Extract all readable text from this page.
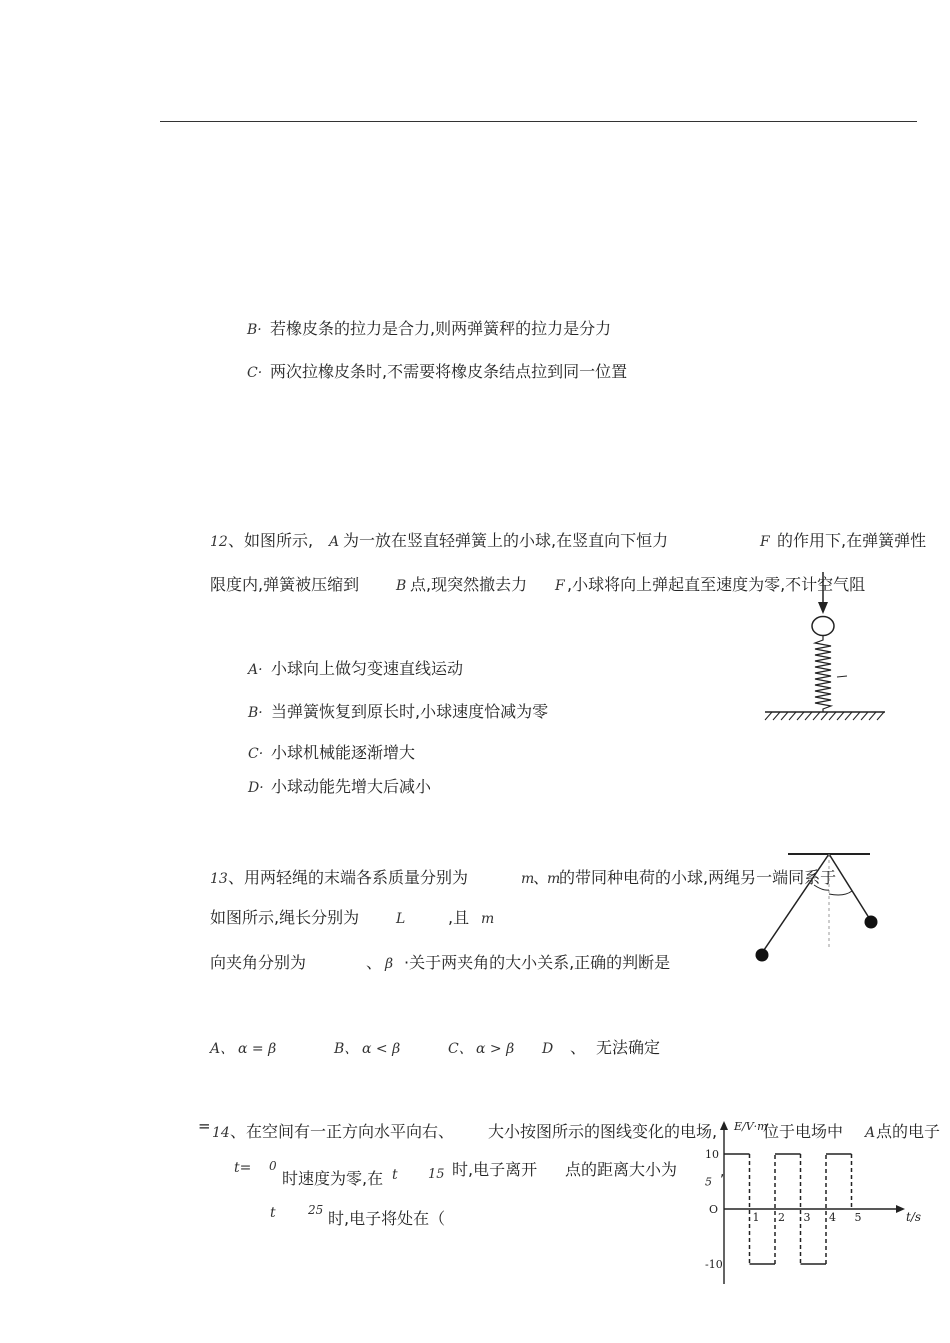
B· 若橡皮条的拉力是合力,则两弹簧秤的拉力是分力
C· 两次拉橡皮条时,不需要将橡皮条结点拉到同一位置
12 、如图所示, A 为一放在竖直轻弹簧上的小球,在竖直向下恒力	F 的作用下,在弹簧弹性
限度内,弹簧被压缩到	B 点,现突然撤去力 F ,小球将向上弹起直至速度为零,不计空气阻
A· 小球向上做匀变速直线运动
B· 当弹簧恢复到原长时,小球速度恰减为零
C· 小球机械能逐渐增大
D· 小球动能先增大后减小
13 、用两轻绳的末端各系质量分别为	m
、
m
的带同种电荷的小球,两绳另一端同系于
如图所示,绳长分别为	L	,且 m
向夹角分别为	、 β ·关于两夹角的大小关系,正确的判断是
A、 α = β	B、 α < β	C、 α > β D 、 无法确定
= 14 、在空间有一正方向水平向右、 大小按图所示的图线变化的电场,	位于电场中 A 点的电子
t= 0
时速度为零,在 t 15 时,电子离开 点的距离大小为	,
t	25 时,电子将处在（
E/V·m
t/s
10
5
O
-10
1 2 3 4 5
